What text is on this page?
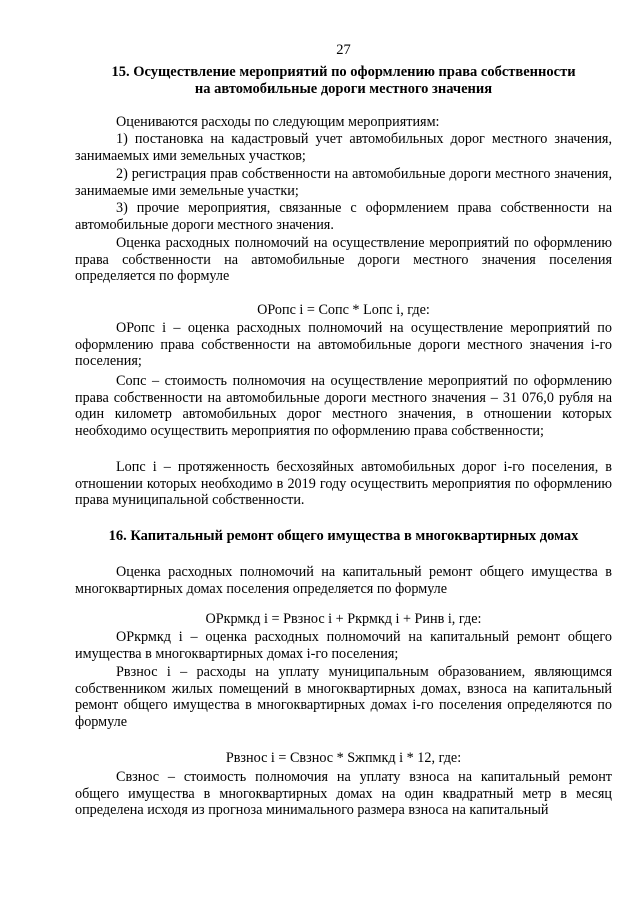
27
15. Осуществление мероприятий по оформлению права собственности
на автомобильные дороги местного значения

Оцениваются расходы по следующим мероприятиям:

1) постановка на кадастровый учет автомобильных дорог местного значения, занимаемых ими земельных участков;

2) регистрация прав собственности на автомобильные дороги местного значения, занимаемые ими земельные участки;

3) прочие мероприятия, связанные с оформлением права собственности на автомобильные дороги местного значения.

Оценка расходных полномочий на осуществление мероприятий по оформлению права собственности на автомобильные дороги местного значения поселения определяется по формуле

ОРопс i = Сопс * Lопс i, где:

ОРопс i – оценка расходных полномочий на осуществление мероприятий по оформлению права собственности на автомобильные дороги местного значения i-го поселения;

Сопс – стоимость полномочия на осуществление мероприятий по оформлению права собственности на автомобильные дороги местного значения – 31 076,0 рубля на один километр автомобильных дорог местного значения, в отношении которых необходимо осуществить мероприятия по оформлению права собственности;

Lопс i – протяженность бесхозяйных автомобильных дорог i-го поселения, в отношении которых необходимо в 2019 году осуществить мероприятия по оформлению права муниципальной собственности.

16. Капитальный ремонт общего имущества в многоквартирных домах

Оценка расходных полномочий на капитальный ремонт общего имущества в многоквартирных домах поселения определяется по формуле

ОРкрмкд i = Рвзнос i + Ркрмкд i + Ринв i, где:

ОРкрмкд i – оценка расходных полномочий на капитальный ремонт общего имущества в многоквартирных домах i-го поселения;

Рвзнос i – расходы на уплату муниципальным образованием, являющимся собственником жилых помещений в многоквартирных домах, взноса на капитальный ремонт общего имущества в многоквартирных домах i-го поселения определяются по формуле

Рвзнос i = Свзнос * Sжпмкд i * 12, где:

Свзнос – стоимость полномочия на уплату взноса на капитальный ремонт общего имущества в многоквартирных домах на один квадратный метр в месяц определена исходя из прогноза минимального размера взноса на капитальный
